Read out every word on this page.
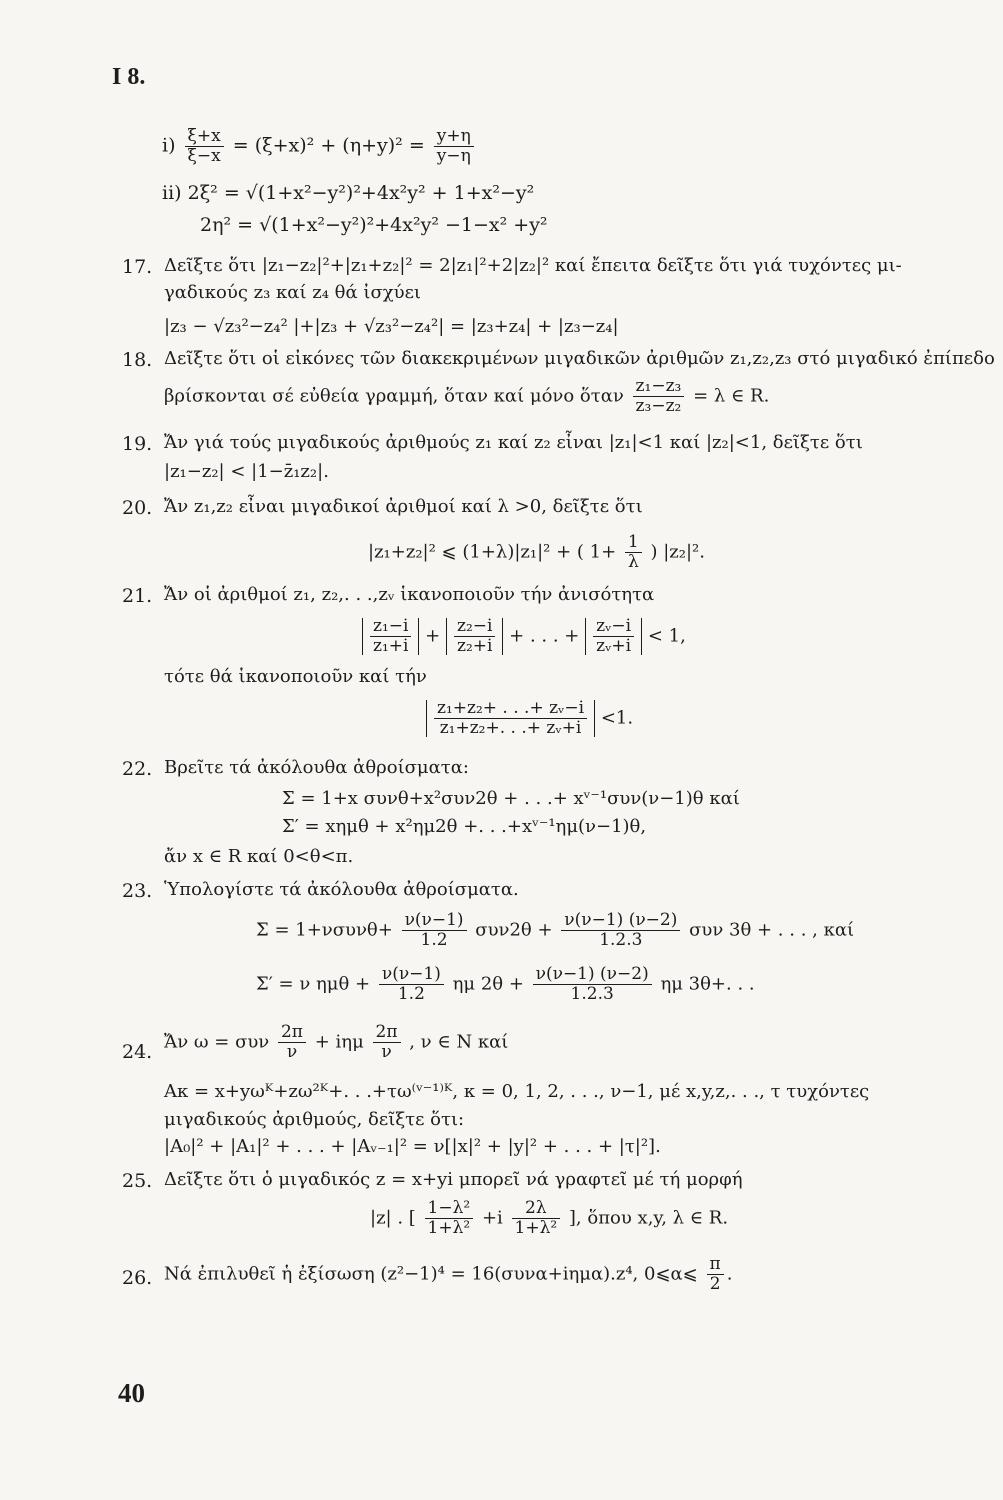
I 8.
$i) \frac{\xi+x}{\xi-x} = (\xi+x)^2 + (\eta+y)^2 = \frac{y+\eta}{y-\eta}$
ii) 2ξ² = √(1+x²−y²)²+4x²y² + 1+x²−y²
2η² = √(1+x²−y²)²+4x²y² −1−x² +y²
17. Δεῖξτε ὅτι |z₁−z₂|²+|z₁+z₂|² = 2|z₁|²+2|z₂|² καί ἔπειτα δεῖξτε ὅτι γιά τυχόντες μι-
γαδικούς z₃ καί z₄ θά ἰσχύει
|z₃ − √z₃²−z₄² |+|z₃ + √z₃²−z₄²| = |z₃+z₄| + |z₃−z₄|
18. Δεῖξτε ὅτι οἱ εἰκόνες τῶν διακεκριμένων μιγαδικῶν ἀριθμῶν z₁,z₂,z₃ στό μιγαδικό ἐπίπεδο
βρίσκονται σέ εὐθεία γραμμή, ὅταν καί μόνο ὅταν $\frac{\text{z₁−z₃}}{\text{z₃−z₂}} = \lambda$ ∈ R.
19. Ἄν γιά τούς μιγαδικούς ἀριθμούς z₁ καί z₂ εἶναι |z₁|<1 καί |z₂|<1, δεῖξτε ὅτι
|z₁−z₂| < |1−z̄₁z₂|.
20. Ἄν z₁,z₂ εἶναι μιγαδικοί ἀριθμοί καί λ >0, δεῖξτε ὅτι
|z₁+z₂|² ⩽ (1+λ)|z₁|² + ( $1+ \frac{1}{\lambda}$ ) |z₂|².
21. Ἄν οἱ ἀριθμοί z₁, z₂,. . .,zᵥ ἱκανοποιοῦν τήν ἀνισότητα
$\frac{\text{z₁−i}}{\text{z₁+i}} + \frac{\text{z₂−i}}{\text{z₂+i}}$ + . . . + $\frac{\text{zᵥ−i}}{\text{zᵥ+i}} < 1$,
τότε θά ἱκανοποιοῦν καί τήν
$\frac{\text{z₁+z₂+ . . .+ zᵥ−i}}{\text{z₁+z₂+. . .+ zᵥ+i}} <1$.
22. Βρεῖτε τά ἀκόλουθα ἀθροίσματα:
Σ = 1+x συνθ+x²συν2θ + . . .+ xᵛ⁻¹συν(ν−1)θ καί
Σ′ = xημθ + x²ημ2θ +. . .+xᵛ⁻¹ημ(ν−1)θ,
ἄν x ∈ R καί 0<θ<π.
23. Ὑπολογίστε τά ἀκόλουθα ἀθροίσματα.
$\Sigma = 1+\nu\sigma\upsilon\nu\theta+ \frac{\nu(\nu-1)}{1.2} \sigma\upsilon\nu 2\theta + \frac{\nu(\nu-1) (\nu-2)}{1.2.3}$ συν 3θ + . . . , καί
Σ′ = ν $\eta\mu\theta + \frac{\nu(\nu-1)}{1.2}$ ημ $2\theta + \frac{\nu(\nu-1) (\nu-2)}{1.2.3}$ ημ 3θ+. . .
24. Ἄν ω = συν $\frac{2\pi}{\nu} + i\eta\mu \frac{2\pi}{\nu}$ , ν ∈ N καί
Aκ = x+yωᴷ+zω²ᴷ+. . .+τω⁽ᵛ⁻¹⁾ᴷ, κ = 0, 1, 2, . . ., ν−1, μέ x,y,z,. . ., τ τυχόντες
μιγαδικούς ἀριθμούς, δεῖξτε ὅτι:
|A₀|² + |A₁|² + . . . + |Aᵥ₋₁|² = ν[|x|² + |y|² + . . . + |τ|²].
25. Δεῖξτε ὅτι ὁ μιγαδικός z = x+yi μπορεῖ νά γραφτεῖ μέ τή μορφή
|z| . [ $\frac{\text{1−λ²}}{\text{1+λ²}} +i \frac{2\lambda}{\text{1+λ²}}$ ], ὅπου x,y, λ ∈ R.
26. Νά ἐπιλυθεῖ ἡ ἐξίσωση (z²−1)⁴ = 16(συνα+iημα).z⁴, 0⩽α⩽ $\frac{\pi}{2}$ .
40
